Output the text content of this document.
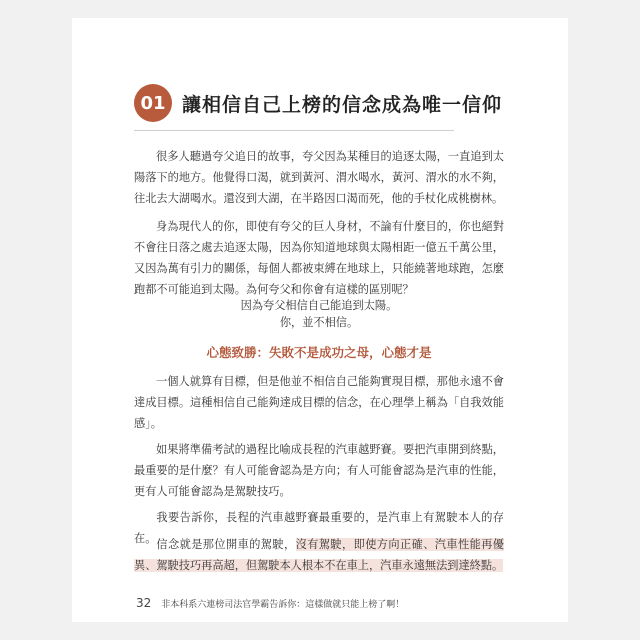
01 讓相信自己上榜的信念成為唯一信仰
很多人聽過夸父追日的故事，夸父因為某種目的追逐太陽，一直追到太陽落下的地方。他覺得口渴，就到黃河、渭水喝水，黃河、渭水的水不夠，往北去大湖喝水。還沒到大湖，在半路因口渴而死，他的手杖化成桃樹林。
身為現代人的你，即使有夸父的巨人身材，不論有什麼目的，你也絕對不會往日落之處去追逐太陽，因為你知道地球與太陽相距一億五千萬公里，又因為萬有引力的關係，每個人都被束縛在地球上，只能繞著地球跑，怎麼跑都不可能追到太陽。為何夸父和你會有這樣的區別呢？
因為夸父相信自己能追到太陽。
你，並不相信。
心態致勝：失敗不是成功之母，心態才是
一個人就算有目標，但是他並不相信自己能夠實現目標，那他永遠不會達成目標。這種相信自己能夠達成目標的信念，在心理學上稱為「自我效能感」。
如果將準備考試的過程比喻成長程的汽車越野賽。要把汽車開到終點，最重要的是什麼？有人可能會認為是方向；有人可能會認為是汽車的性能，更有人可能會認為是駕駛技巧。
我要告訴你，長程的汽車越野賽最重要的，是汽車上有駕駛本人的存在。 信念就是那位開車的駕駛，沒有駕駛，即使方向正確、汽車性能再優異、駕駛技巧再高超，但駕駛本人根本不在車上，汽車永遠無法到達終點。
32 非本科系六連榜司法官學霸告訴你：這樣做就只能上榜了啊！
